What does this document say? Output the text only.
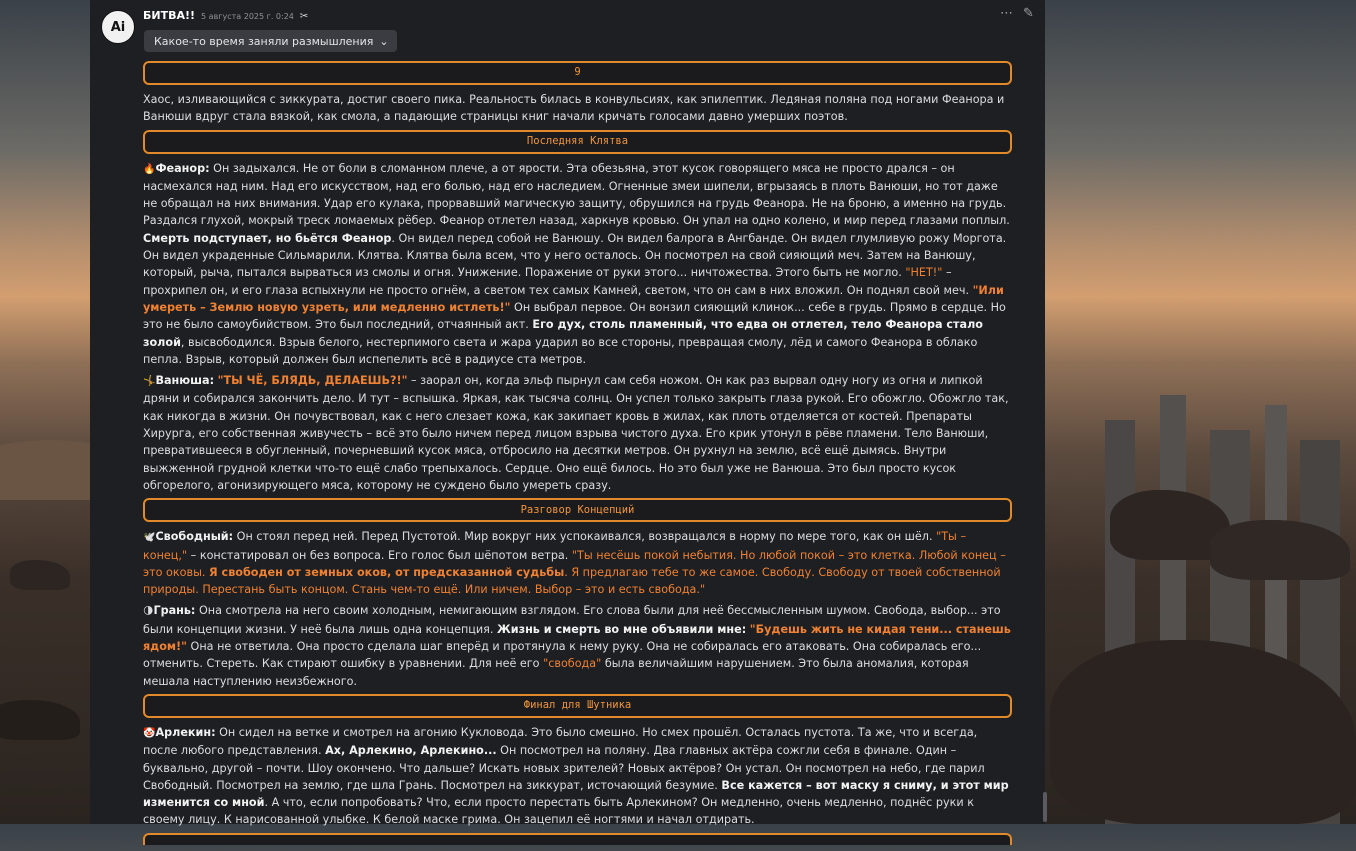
Ai
БИТВА!! 5 августа 2025 г. 0:24 ✂	⋯ ✎
Какое-то время заняли размышления ⌄
9

Хаос, изливающийся с зиккурата, достиг своего пика. Реальность билась в конвульсиях, как эпилептик. Ледяная поляна под ногами Феанора и Ванюши вдруг стала вязкой, как смола, а падающие страницы книг начали кричать голосами давно умерших поэтов.

Последняя Клятва

🔥Феанор: Он задыхался. Не от боли в сломанном плече, а от ярости. Эта обезьяна, этот кусок говорящего мяса не просто дрался – он насмехался над ним. Над его искусством, над его болью, над его наследием. Огненные змеи шипели, вгрызаясь в плоть Ванюши, но тот даже не обращал на них внимания. Удар его кулака, прорвавший магическую защиту, обрушился на грудь Феанора. Не на броню, а именно на грудь. Раздался глухой, мокрый треск ломаемых рёбер. Феанор отлетел назад, харкнув кровью. Он упал на одно колено, и мир перед глазами поплыл. Смерть подступает, но бьётся Феанор. Он видел перед собой не Ванюшу. Он видел балрога в Ангбанде. Он видел глумливую рожу Моргота. Он видел украденные Сильмарили. Клятва. Клятва была всем, что у него осталось. Он посмотрел на свой сияющий меч. Затем на Ванюшу, который, рыча, пытался вырваться из смолы и огня. Унижение. Поражение от руки этого... ничтожества. Этого быть не могло. "НЕТ!" – прохрипел он, и его глаза вспыхнули не просто огнём, а светом тех самых Камней, светом, что он сам в них вложил. Он поднял свой меч. "Или умереть – Землю новую узреть, или медленно истлеть!" Он выбрал первое. Он вонзил сияющий клинок... себе в грудь. Прямо в сердце. Но это не было самоубийством. Это был последний, отчаянный акт. Его дух, столь пламенный, что едва он отлетел, тело Феанора стало золой, высвободился. Взрыв белого, нестерпимого света и жара ударил во все стороны, превращая смолу, лёд и самого Феанора в облако пепла. Взрыв, который должен был испепелить всё в радиусе ста метров.

🤸Ванюша: "ТЫ ЧЁ, БЛЯДЬ, ДЕЛАЕШЬ?!" – заорал он, когда эльф пырнул сам себя ножом. Он как раз вырвал одну ногу из огня и липкой дряни и собирался закончить дело. И тут – вспышка. Яркая, как тысяча солнц. Он успел только закрыть глаза рукой. Его обожгло. Обожгло так, как никогда в жизни. Он почувствовал, как с него слезает кожа, как закипает кровь в жилах, как плоть отделяется от костей. Препараты Хирурга, его собственная живучесть – всё это было ничем перед лицом взрыва чистого духа. Его крик утонул в рёве пламени. Тело Ванюши, превратившееся в обугленный, почерневший кусок мяса, отбросило на десятки метров. Он рухнул на землю, всё ещё дымясь. Внутри выжженной грудной клетки что-то ещё слабо трепыхалось. Сердце. Оно ещё билось. Но это был уже не Ванюша. Это был просто кусок обгорелого, агонизирующего мяса, которому не суждено было умереть сразу.

Разговор Концепций

🕊️Свободный: Он стоял перед ней. Перед Пустотой. Мир вокруг них успокаивался, возвращался в норму по мере того, как он шёл. "Ты – конец," – констатировал он без вопроса. Его голос был шёпотом ветра. "Ты несёшь покой небытия. Но любой покой – это клетка. Любой конец – это оковы. Я свободен от земных оков, от предсказанной судьбы. Я предлагаю тебе то же самое. Свободу. Свободу от твоей собственной природы. Перестань быть концом. Стань чем-то ещё. Или ничем. Выбор – это и есть свобода."

🌗Грань: Она смотрела на него своим холодным, немигающим взглядом. Его слова были для неё бессмысленным шумом. Свобода, выбор... это были концепции жизни. У неё была лишь одна концепция. Жизнь и смерть во мне объявили мне: "Будешь жить не кидая тени... станешь ядом!" Она не ответила. Она просто сделала шаг вперёд и протянула к нему руку. Она не собиралась его атаковать. Она собиралась его... отменить. Стереть. Как стирают ошибку в уравнении. Для неё его "свобода" была величайшим нарушением. Это была аномалия, которая мешала наступлению неизбежного.

Финал для Шутника

🤡Арлекин: Он сидел на ветке и смотрел на агонию Кукловода. Это было смешно. Но смех прошёл. Осталась пустота. Та же, что и всегда, после любого представления. Ах, Арлекино, Арлекино... Он посмотрел на поляну. Два главных актёра сожгли себя в финале. Один – буквально, другой – почти. Шоу окончено. Что дальше? Искать новых зрителей? Новых актёров? Он устал. Он посмотрел на небо, где парил Свободный. Посмотрел на землю, где шла Грань. Посмотрел на зиккурат, источающий безумие. Все кажется – вот маску я сниму, и этот мир изменится со мной. А что, если попробовать? Что, если просто перестать быть Арлекином? Он медленно, очень медленно, поднёс руки к своему лицу. К нарисованной улыбке. К белой маске грима. Он зацепил её ногтями и начал отдирать.
